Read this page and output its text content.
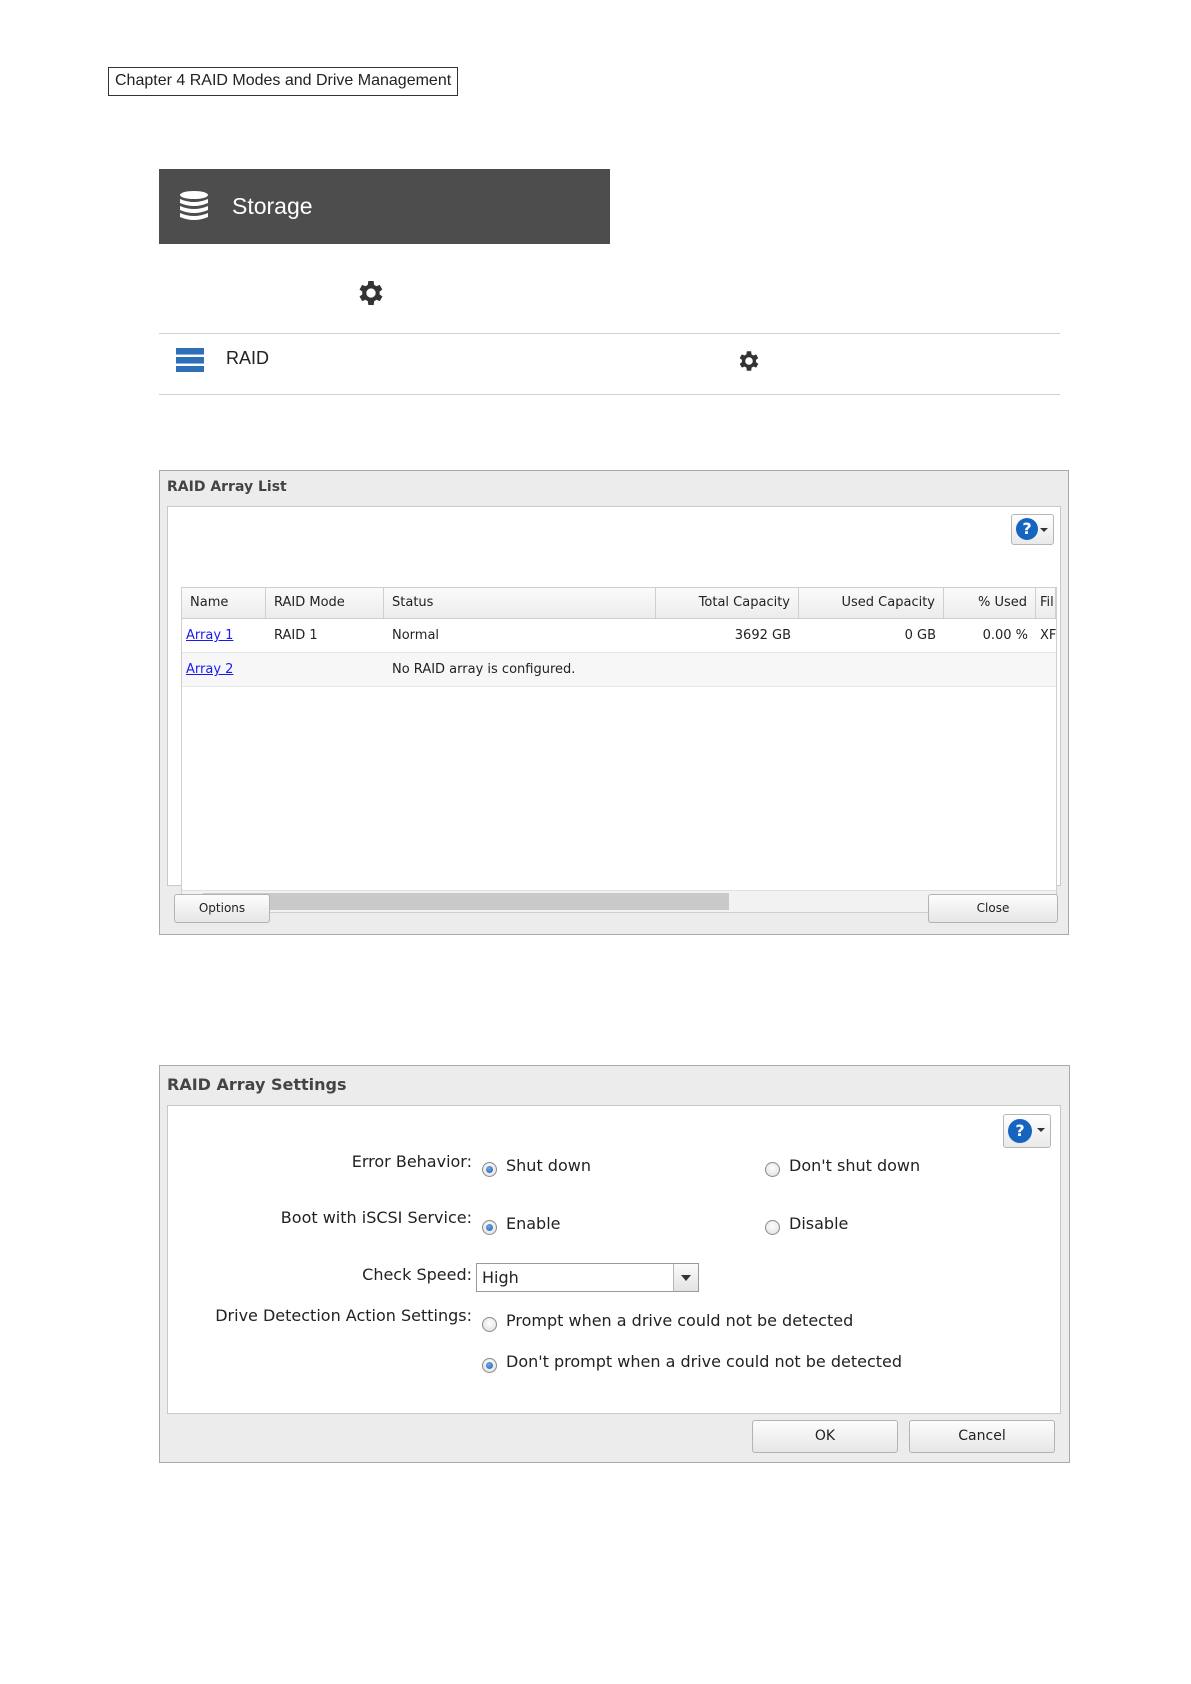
Chapter 4 RAID Modes and Drive Management
Storage
RAID
RAID Array List
?
Name	RAID Mode	Status	Total Capacity	Used Capacity	% Used	Fil
Array 1	RAID 1	Normal	3692 GB	0 GB	0.00 % XF
Array 2	No RAID array is configured.
Options	Close
RAID Array Settings
?
Error Behavior: Shut down	Don't shut down
Boot with iSCSI Service: Enable	Disable
Check Speed: High
Drive Detection Action Settings: Prompt when a drive could not be detected
Don't prompt when a drive could not be detected
OK	Cancel
